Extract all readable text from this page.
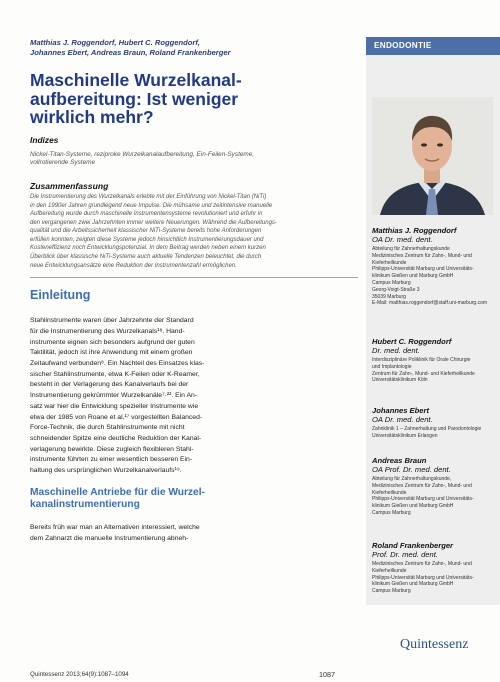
Matthias J. Roggendorf, Hubert C. Roggendorf,
Johannes Ebert, Andreas Braun, Roland Frankenberger
Maschinelle Wurzelkanal-
aufbereitung: Ist weniger
wirklich mehr?
Indizes
Nickel-Titan-Systeme, reziproke Wurzelkanalaufbereitung, Ein-Feilen-Systeme,
vollrotierende Systeme
Zusammenfassung
Die Instrumentierung des Wurzelkanals erlebte mit der Einführung von Nickel-Titan (NiTi)
in den 1990er Jahren grundlegend neue Impulse. Die mühsame und zeitintensive manuelle
Aufbereitung wurde durch maschinelle Instrumentensysteme revolutioniert und erfuhr in
den vergangenen zwei Jahrzehnten immer weitere Neuerungen. Während die Aufbereitungs-
qualität und die Arbeitssicherheit klassischer NiTi-Systeme bereits hohe Anforderungen
erfüllen konnten, zeigten diese Systeme jedoch hinsichtlich Instrumentierungsdauer und
Kosteneffizienz noch Entwicklungspotenzial. In dem Beitrag werden neben einem kurzen
Überblick über klassische NiTi-Systeme auch aktuelle Tendenzen beleuchtet, die durch
neue Entwicklungsansätze eine Reduktion der Instrumentenzahl ermöglichen.
Einleitung
Stahlinstrumente waren über Jahrzehnte der Standard
für die Instrumentierung des Wurzelkanals¹⁸. Hand-
instrumente eignen sich besonders aufgrund der guten
Taktilität, jedoch ist ihre Anwendung mit einem großen
Zeitaufwand verbunden⁸. Ein Nachteil des Einsatzes klas-
sischer Stahlinstrumente, etwa K-Feilen oder K-Reamer,
besteht in der Verlagerung des Kanalverlaufs bei der
Instrumentierung gekrümmter Wurzelkanäle⁷·²². Ein An-
satz war hier die Entwicklung spezieller Instrumente wie
etwa der 1985 von Roane et al.¹⁷ vorgestellten Balanced-
Force-Technik, die durch Stahlinstrumente mit nicht
schneidender Spitze eine deutliche Reduktion der Kanal-
verlagerung bewirkte. Diese zugleich flexibleren Stahl-
instrumente führten zu einer wesentlich besseren Ein-
haltung des ursprünglichen Wurzelkanalverlaufs¹⁹.
Maschinelle Antriebe für die Wurzel-
kanalinstrumentierung
Bereits früh war man an Alternativen interessiert, welche
dem Zahnarzt die manuelle Instrumentierung abneh-
Quintessenz 2013;64(9):1087–1094	1087
ENDODONTIE
Matthias J. Roggendorf
OA Dr. med. dent.
Abteilung für Zahnerhaltungskunde
Medizinisches Zentrum für Zahn-, Mund- und
Kieferheilkunde
Philipps-Universität Marburg und Universitäts-
klinikum Gießen und Marburg GmbH
Campus Marburg
Georg-Voigt-Straße 3
35039 Marburg
E-Mail: matthias.roggendorf@staff.uni-marburg.com
Hubert C. Roggendorf
Dr. med. dent.
Interdisziplinäre Poliklinik für Orale Chirurgie
und Implantologie
Zentrum für Zahn-, Mund- und Kieferheilkunde
Universitätsklinikum Köln
Johannes Ebert
OA Dr. med. dent.
Zahnklinik 1 – Zahnerhaltung und Parodontologie
Universitätsklinikum Erlangen
Andreas Braun
OA Prof. Dr. med. dent.
Abteilung für Zahnerhaltungskunde,
Medizinisches Zentrum für Zahn-, Mund- und
Kieferheilkunde
Philipps-Universität Marburg und Universitäts-
klinikum Gießen und Marburg GmbH
Campus Marburg
Roland Frankenberger
Prof. Dr. med. dent.
Medizinisches Zentrum für Zahn-, Mund- und
Kieferheilkunde
Philipps-Universität Marburg und Universitäts-
klinikum Gießen und Marburg GmbH
Campus Marburg
Quintessenz
